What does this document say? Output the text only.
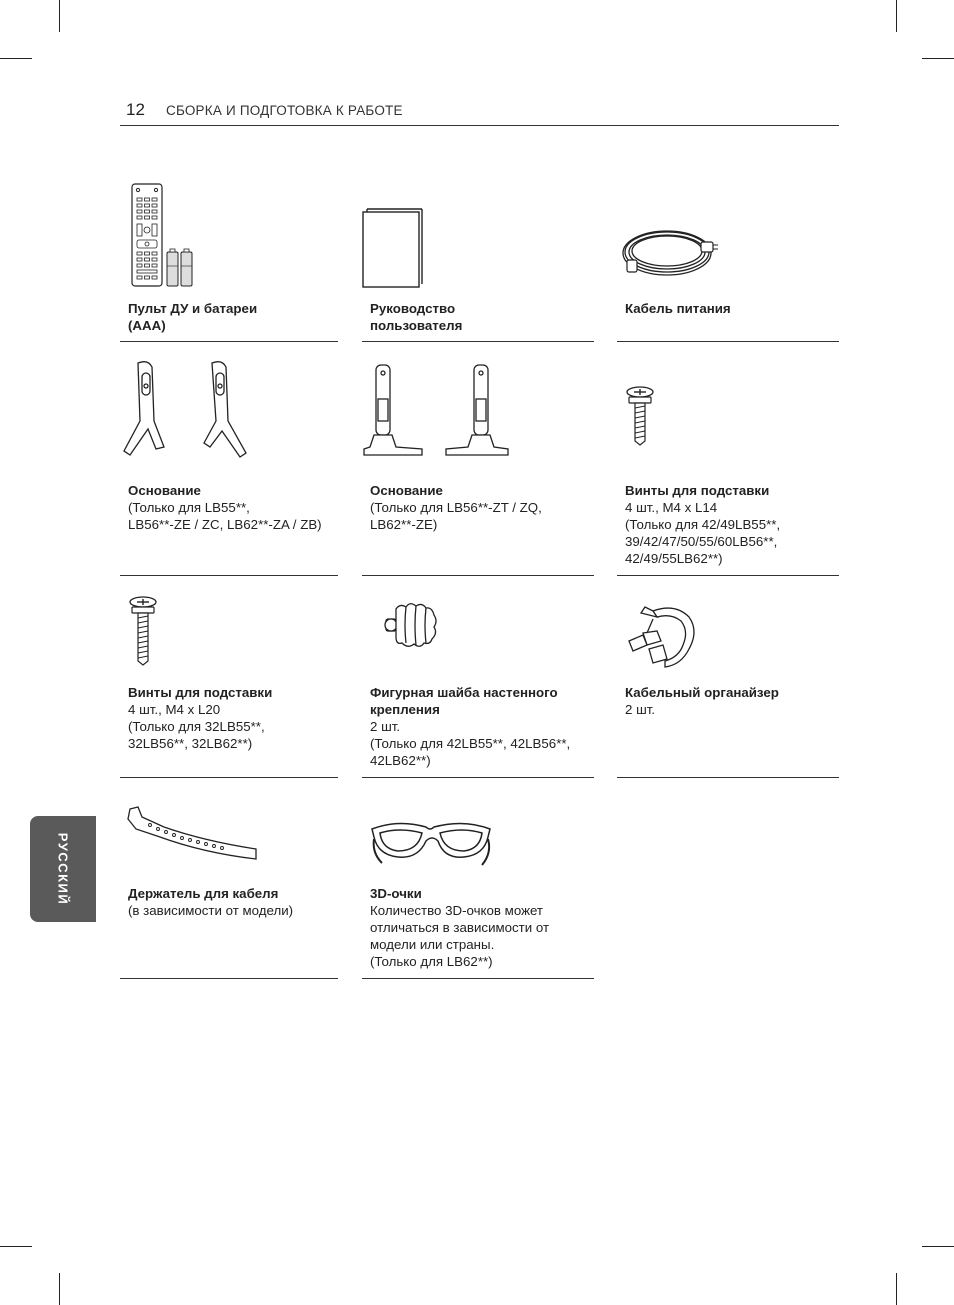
12 СБОРКА И ПОДГОТОВКА К РАБОТЕ
РУССКИЙ
Пульт ДУ и батареи
(ААА)
Руководство
пользователя
Кабель питания
Основание
(Только для LB55**,
LB56**-ZE / ZC, LB62**-ZA / ZB)
Основание
(Только для LB56**-ZT / ZQ,
LB62**-ZE)
Винты для подставки
4 шт., M4 x L14
(Только для 42/49LB55**,
39/42/47/50/55/60LB56**,
42/49/55LB62**)
Винты для подставки
4 шт., M4 x L20
(Только для 32LB55**,
32LB56**, 32LB62**)
Фигурная шайба настенного
крепления
2 шт.
(Только для 42LB55**, 42LB56**,
42LB62**)
Кабельный органайзер
2 шт.
Держатель для кабеля
(в зависимости от модели)
3D-очки
Количество 3D-очков может
отличаться в зависимости от
модели или страны.
(Только для LB62**)
